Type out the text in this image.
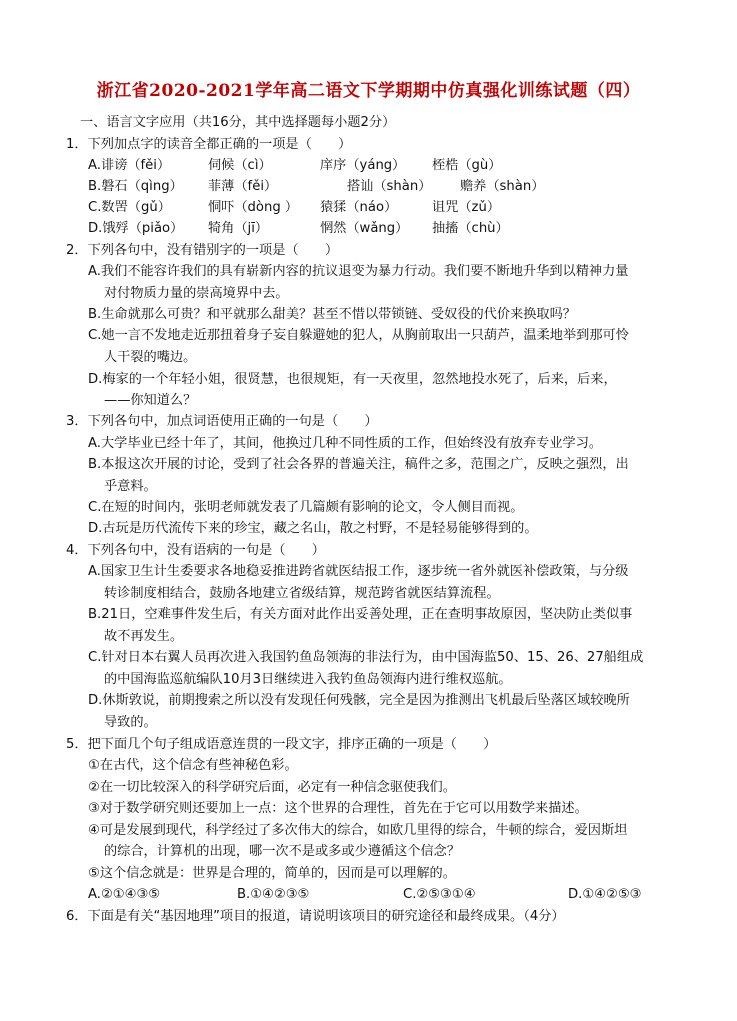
浙江省2020-2021学年高二语文下学期期中仿真强化训练试题（四）
一、语言文字应用（共16分，其中选择题每小题2分）
1．下列加点字的读音全都正确的一项是（　　）
A.诽谤（fěi）	伺候（cì）	庠序（yáng） 桎梏（gù）
B.磐石（qìng） 菲薄（fěi）	搭讪（shàn） 赡养（shàn）
C.数罟（gǔ）	恫吓（dòng ） 猿猱（náo）	诅咒（zǔ）
D.饿殍（piǎo） 犄角（jī）	惘然（wǎng） 抽搐（chù）
2．下列各句中，没有错别字的一项是（　　）
A.我们不能容许我们的具有崭新内容的抗议退变为暴力行动。我们要不断地升华到以精神力量
对付物质力量的崇高境界中去。
B.生命就那么可贵？和平就那么甜美？甚至不惜以带锁链、受奴役的代价来换取吗？
C.她一言不发地走近那扭着身子妄自躲避她的犯人，从胸前取出一只葫芦，温柔地举到那可怜
人干裂的嘴边。
D.梅家的一个年轻小姐，很贤慧，也很规矩，有一天夜里，忽然地投水死了，后来，后来，
——你知道么？
3．下列各句中，加点词语使用正确的一句是（　　）
A.大学毕业已经十年了，其间，他换过几种不同性质的工作，但始终没有放弃专业学习。
B.本报这次开展的讨论，受到了社会各界的普遍关注，稿件之多，范围之广，反映之强烈，出
乎意料。
C.在短的时间内，张明老师就发表了几篇颇有影响的论文，令人侧目而视。
D.古玩是历代流传下来的珍宝，藏之名山，散之村野，不是轻易能够得到的。
4．下列各句中，没有语病的一句是（　　）
A.国家卫生计生委要求各地稳妥推进跨省就医结报工作，逐步统一省外就医补偿政策，与分级
转诊制度相结合，鼓励各地建立省级结算，规范跨省就医结算流程。
B.21日，空难事件发生后，有关方面对此作出妥善处理，正在查明事故原因，坚决防止类似事
故不再发生。
C.针对日本右翼人员再次进入我国钓鱼岛领海的非法行为，由中国海监50、15、26、27船组成
的中国海监巡航编队10月3日继续进入我钓鱼岛领海内进行维权巡航。
D.休斯敦说，前期搜索之所以没有发现任何残骸，完全是因为推测出飞机最后坠落区域较晚所
导致的。
5．把下面几个句子组成语意连贯的一段文字，排序正确的一项是（　　）
①在古代，这个信念有些神秘色彩。
②在一切比较深入的科学研究后面，必定有一种信念驱使我们。
③对于数学研究则还要加上一点：这个世界的合理性，首先在于它可以用数学来描述。
④可是发展到现代，科学经过了多次伟大的综合，如欧几里得的综合，牛顿的综合，爱因斯坦
的综合，计算机的出现，哪一次不是或多或少遵循这个信念？
⑤这个信念就是：世界是合理的，简单的，因而是可以理解的。
A.②①④③⑤	B.①④②③⑤	C.②⑤③①④	D.①④②⑤③
6．下面是有关“基因地理”项目的报道，请说明该项目的研究途径和最终成果。（4分）
